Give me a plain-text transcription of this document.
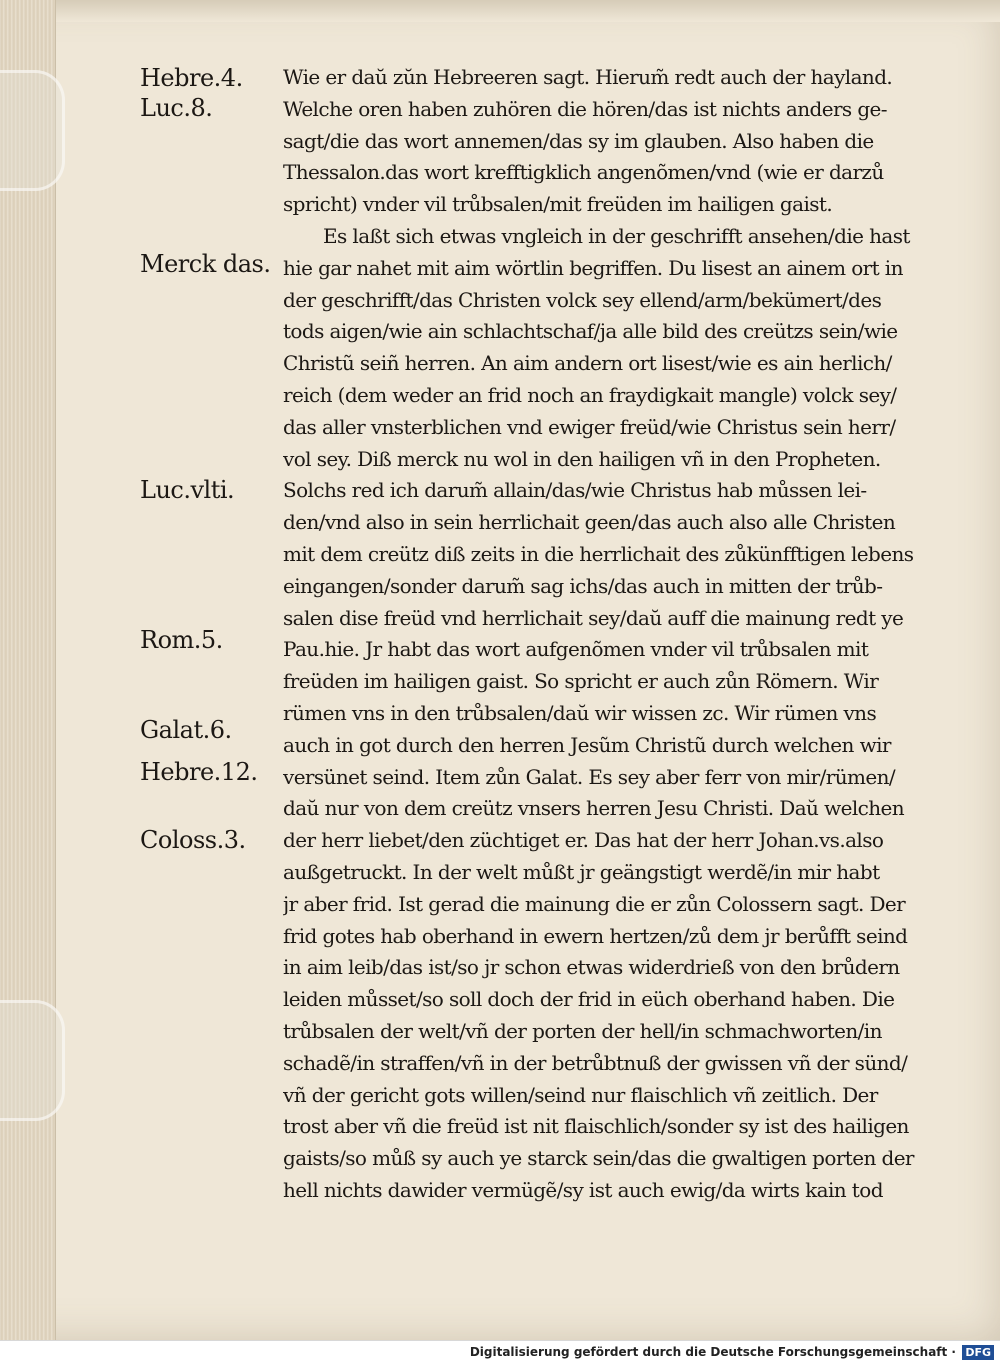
Hebre.4.
Luc.8.
Merck das.
Luc.vlti.
Rom.5.
Galat.6.
Hebre.12.
Coloss.3.
Wie er daŭ zŭn Hebreeren sagt. Hierum̃ redt auch der hayland.
Welche oren haben zuhören die hören/das ist nichts anders ge-
sagt/die das wort annemen/das sy im glauben. Also haben die
Thessalon.das wort krefftigklich angenõmen/vnd (wie er darzů
spricht) vnder vil trůbsalen/mit freüden im hailigen gaist.
Es laßt sich etwas vngleich in der geschrifft ansehen/die hast
hie gar nahet mit aim wörtlin begriffen. Du lisest an ainem ort in
der geschrifft/das Christen volck sey ellend/arm/bekümert/des
tods aigen/wie ain schlachtschaf/ja alle bild des creützs sein/wie
Christũ seiñ herren. An aim andern ort lisest/wie es ain herlich/
reich (dem weder an frid noch an fraydigkait mangle) volck sey/
das aller vnsterblichen vnd ewiger freüd/wie Christus sein herr/
vol sey. Diß merck nu wol in den hailigen vñ in den Propheten.
Solchs red ich darum̃ allain/das/wie Christus hab můssen lei-
den/vnd also in sein herrlichait geen/das auch also alle Christen
mit dem creütz diß zeits in die herrlichait des zůkünfftigen lebens
eingangen/sonder darum̃ sag ichs/das auch in mitten der trůb-
salen dise freüd vnd herrlichait sey/daŭ auff die mainung redt ye
Pau.hie. Jr habt das wort aufgenõmen vnder vil trůbsalen mit
freüden im hailigen gaist. So spricht er auch zůn Römern. Wir
rümen vns in den trůbsalen/daŭ wir wissen zc. Wir rümen vns
auch in got durch den herren Jesũm Christũ durch welchen wir
versünet seind. Item zůn Galat. Es sey aber ferr von mir/rümen/
daŭ nur von dem creütz vnsers herren Jesu Christi. Daŭ welchen
der herr liebet/den züchtiget er. Das hat der herr Johan.vs.also
außgetruckt. In der welt můßt jr geängstigt werdẽ/in mir habt
jr aber frid. Ist gerad die mainung die er zůn Colossern sagt. Der
frid gotes hab oberhand in ewern hertzen/zů dem jr berůfft seind
in aim leib/das ist/so jr schon etwas widerdrieß von den brůdern
leiden můsset/so soll doch der frid in eüch oberhand haben. Die
trůbsalen der welt/vñ der porten der hell/in schmachworten/in
schadẽ/in straffen/vñ in der betrůbtnuß der gwissen vñ der sünd/
vñ der gericht gots willen/seind nur flaischlich vñ zeitlich. Der
trost aber vñ die freüd ist nit flaischlich/sonder sy ist des hailigen
gaists/so můß sy auch ye starck sein/das die gwaltigen porten der
hell nichts dawider vermügẽ/sy ist auch ewig/da wirts kain tod
Digitalisierung gefördert durch die Deutsche Forschungsgemeinschaft · DFG
